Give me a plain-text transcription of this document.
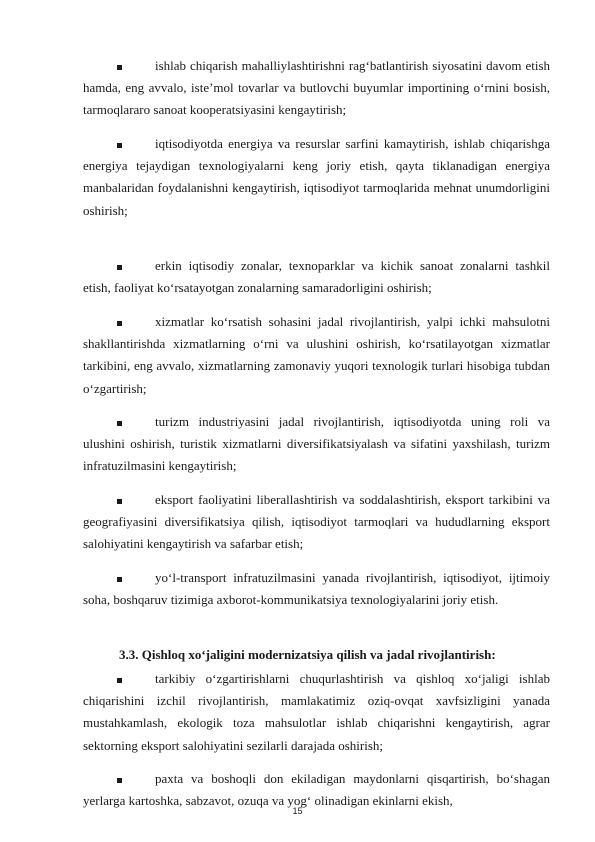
ishlab chiqarish mahalliylashtirishni rag‘batlantirish siyosatini davom etish hamda, eng avvalo, iste’mol tovarlar va butlovchi buyumlar importining o‘rnini bosish, tarmoqlararo sanoat kooperatsiyasini kengaytirish;

iqtisodiyotda energiya va resurslar sarfini kamaytirish, ishlab chiqarishga energiya tejaydigan texnologiyalarni keng joriy etish, qayta tiklanadigan energiya manbalaridan foydalanishni kengaytirish, iqtisodiyot tarmoqlarida mehnat unumdorligini oshirish;

erkin iqtisodiy zonalar, texnoparklar va kichik sanoat zonalarni tashkil etish, faoliyat ko‘rsatayotgan zonalarning samaradorligini oshirish;

xizmatlar ko‘rsatish sohasini jadal rivojlantirish, yalpi ichki mahsulotni shakllantirishda xizmatlarning o‘rni va ulushini oshirish, ko‘rsatilayotgan xizmatlar tarkibini, eng avvalo, xizmatlarning zamonaviy yuqori texnologik turlari hisobiga tubdan o‘zgartirish;

turizm industriyasini jadal rivojlantirish, iqtisodiyotda uning roli va ulushini oshirish, turistik xizmatlarni diversifikatsiyalash va sifatini yaxshilash, turizm infratuzilmasini kengaytirish;

eksport faoliyatini liberallashtirish va soddalashtirish, eksport tarkibini va geografiyasini diversifikatsiya qilish, iqtisodiyot tarmoqlari va hududlarning eksport salohiyatini kengaytirish va safarbar etish;

yo‘l-transport infratuzilmasini yanada rivojlantirish, iqtisodiyot, ijtimoiy soha, boshqaruv tizimiga axborot-kommunikatsiya texnologiyalarini joriy etish.

3.3. Qishloq xo‘jaligini modernizatsiya qilish va jadal rivojlantirish:

tarkibiy o‘zgartirishlarni chuqurlashtirish va qishloq xo‘jaligi ishlab chiqarishini izchil rivojlantirish, mamlakatimiz oziq-ovqat xavfsizligini yanada mustahkamlash, ekologik toza mahsulotlar ishlab chiqarishni kengaytirish, agrar sektorning eksport salohiyatini sezilarli darajada oshirish;

paxta va boshoqli don ekiladigan maydonlarni qisqartirish, bo‘shagan yerlarga kartoshka, sabzavot, ozuqa va yog‘ olinadigan ekinlarni ekish,

15
